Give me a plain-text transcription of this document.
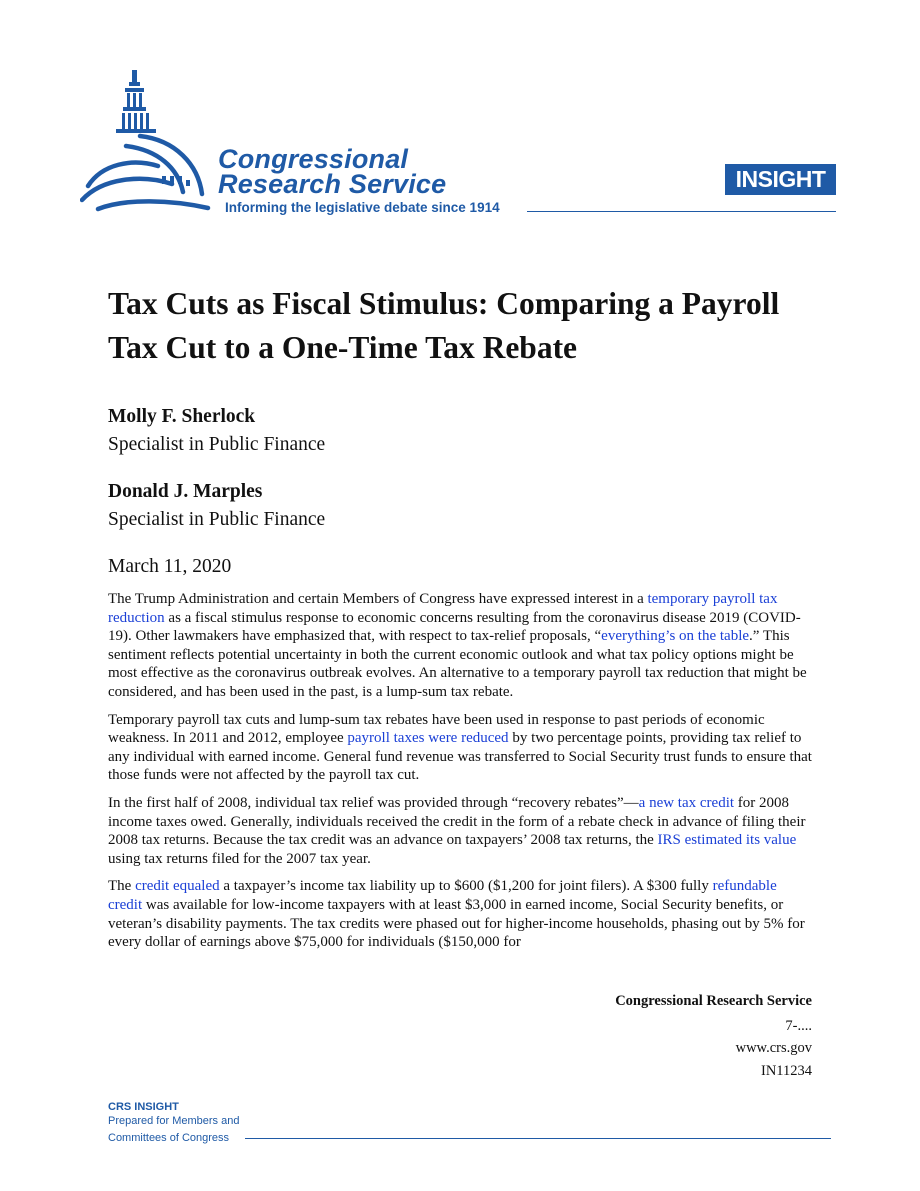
Congressional
Research Service
Informing the legislative debate since 1914
INSIGHT
Tax Cuts as Fiscal Stimulus: Comparing a Payroll Tax Cut to a One-Time Tax Rebate
Molly F. Sherlock
Specialist in Public Finance
Donald J. Marples
Specialist in Public Finance
March 11, 2020

The Trump Administration and certain Members of Congress have expressed interest in a temporary payroll tax reduction as a fiscal stimulus response to economic concerns resulting from the coronavirus disease 2019 (COVID-19). Other lawmakers have emphasized that, with respect to tax-relief proposals, “everything’s on the table.” This sentiment reflects potential uncertainty in both the current economic outlook and what tax policy options might be most effective as the coronavirus outbreak evolves. An alternative to a temporary payroll tax reduction that might be considered, and has been used in the past, is a lump-sum tax rebate.

Temporary payroll tax cuts and lump-sum tax rebates have been used in response to past periods of economic weakness. In 2011 and 2012, employee payroll taxes were reduced by two percentage points, providing tax relief to any individual with earned income. General fund revenue was transferred to Social Security trust funds to ensure that those funds were not affected by the payroll tax cut.

In the first half of 2008, individual tax relief was provided through “recovery rebates”—a new tax credit for 2008 income taxes owed. Generally, individuals received the credit in the form of a rebate check in advance of filing their 2008 tax returns. Because the tax credit was an advance on taxpayers’ 2008 tax returns, the IRS estimated its value using tax returns filed for the 2007 tax year.

The credit equaled a taxpayer’s income tax liability up to $600 ($1,200 for joint filers). A $300 fully refundable credit was available for low-income taxpayers with at least $3,000 in earned income, Social Security benefits, or veteran’s disability payments. The tax credits were phased out for higher-income households, phasing out by 5% for every dollar of earnings above $75,000 for individuals ($150,000 for

Congressional Research Service
7-....
www.crs.gov
IN11234
CRS INSIGHT
Prepared for Members and
Committees of Congress
